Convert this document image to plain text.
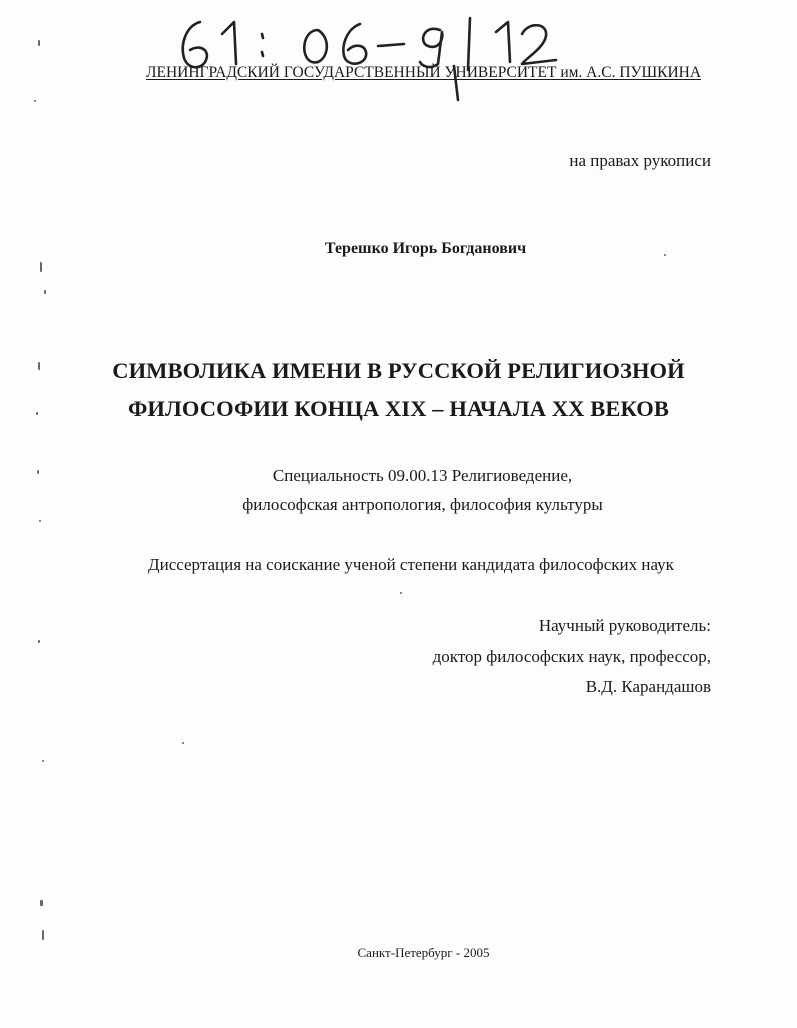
ЛЕНИНГРАДСКИЙ ГОСУДАРСТВЕННЫЙ УНИВЕРСИТЕТ им. А.С. ПУШКИНА
на правах рукописи
Терешко Игорь Богданович
СИМВОЛИКА ИМЕНИ В РУССКОЙ РЕЛИГИОЗНОЙ
ФИЛОСОФИИ КОНЦА XIX – НАЧАЛА XX ВЕКОВ
Специальность 09.00.13 Религиоведение,
философская антропология, философия культуры
Диссертация на соискание ученой степени кандидата философских наук
Научный руководитель:
доктор философских наук, профессор,
В.Д. Карандашов
Санкт-Петербург - 2005
